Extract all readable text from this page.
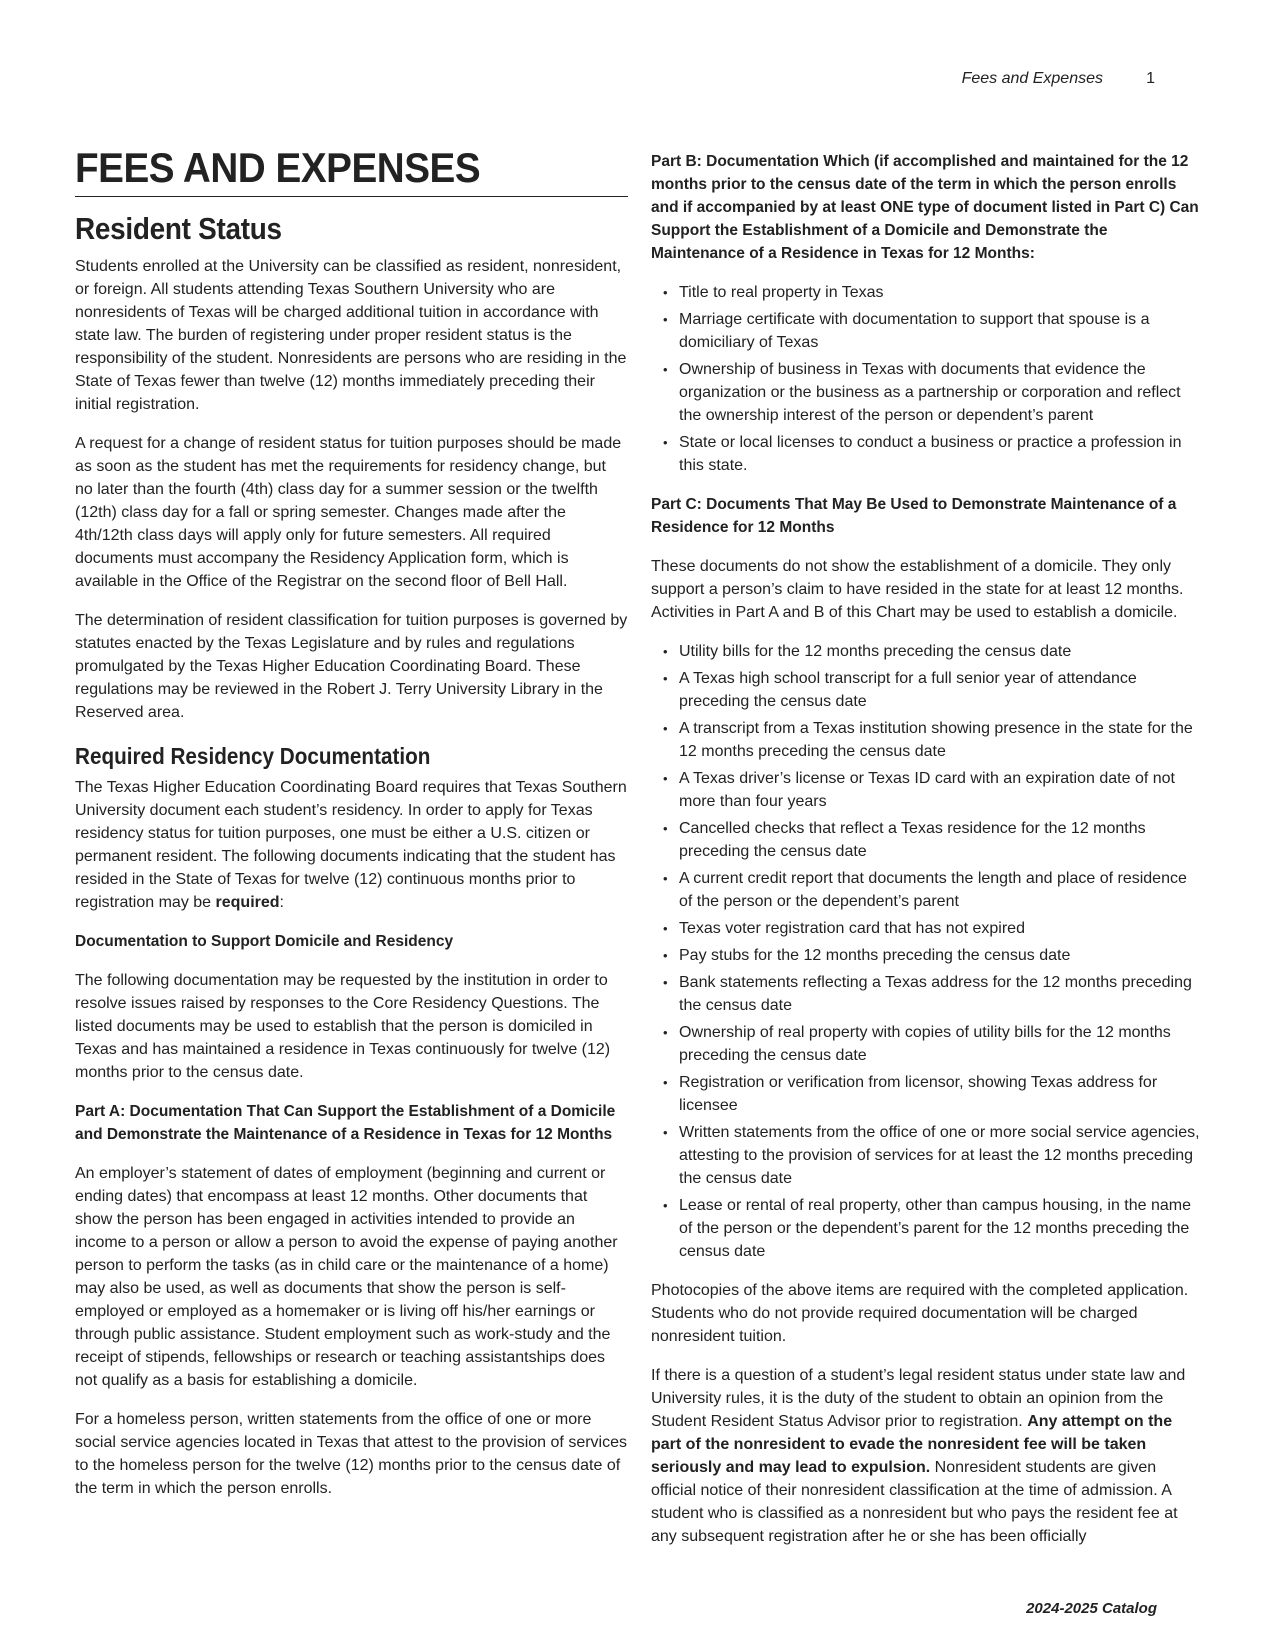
Fees and Expenses	1
FEES AND EXPENSES
Resident Status

Students enrolled at the University can be classified as resident, nonresident, or foreign. All students attending Texas Southern University who are nonresidents of Texas will be charged additional tuition in accordance with state law. The burden of registering under proper resident status is the responsibility of the student. Nonresidents are persons who are residing in the State of Texas fewer than twelve (12) months immediately preceding their initial registration.

A request for a change of resident status for tuition purposes should be made as soon as the student has met the requirements for residency change, but no later than the fourth (4th) class day for a summer session or the twelfth (12th) class day for a fall or spring semester. Changes made after the 4th/12th class days will apply only for future semesters. All required documents must accompany the Residency Application form, which is available in the Office of the Registrar on the second floor of Bell Hall.

The determination of resident classification for tuition purposes is governed by statutes enacted by the Texas Legislature and by rules and regulations promulgated by the Texas Higher Education Coordinating Board. These regulations may be reviewed in the Robert J. Terry University Library in the Reserved area.

Required Residency Documentation

The Texas Higher Education Coordinating Board requires that Texas Southern University document each student’s residency. In order to apply for Texas residency status for tuition purposes, one must be either a U.S. citizen or permanent resident. The following documents indicating that the student has resided in the State of Texas for twelve (12) continuous months prior to registration may be required:

Documentation to Support Domicile and Residency

The following documentation may be requested by the institution in order to resolve issues raised by responses to the Core Residency Questions. The listed documents may be used to establish that the person is domiciled in Texas and has maintained a residence in Texas continuously for twelve (12) months prior to the census date.

Part A: Documentation That Can Support the Establishment of a Domicile and Demonstrate the Maintenance of a Residence in Texas for 12 Months

An employer’s statement of dates of employment (beginning and current or ending dates) that encompass at least 12 months. Other documents that show the person has been engaged in activities intended to provide an income to a person or allow a person to avoid the expense of paying another person to perform the tasks (as in child care or the maintenance of a home) may also be used, as well as documents that show the person is self-employed or employed as a homemaker or is living off his/her earnings or through public assistance. Student employment such as work-study and the receipt of stipends, fellowships or research or teaching assistantships does not qualify as a basis for establishing a domicile.

For a homeless person, written statements from the office of one or more social service agencies located in Texas that attest to the provision of services to the homeless person for the twelve (12) months prior to the census date of the term in which the person enrolls.

Part B: Documentation Which (if accomplished and maintained for the 12 months prior to the census date of the term in which the person enrolls and if accompanied by at least ONE type of document listed in Part C) Can Support the Establishment of a Domicile and Demonstrate the Maintenance of a Residence in Texas for 12 Months:

• Title to real property in Texas
• Marriage certificate with documentation to support that spouse is a domiciliary of Texas
• Ownership of business in Texas with documents that evidence the organization or the business as a partnership or corporation and reflect the ownership interest of the person or dependent’s parent
• State or local licenses to conduct a business or practice a profession in this state.

Part C: Documents That May Be Used to Demonstrate Maintenance of a Residence for 12 Months

These documents do not show the establishment of a domicile. They only support a person’s claim to have resided in the state for at least 12 months. Activities in Part A and B of this Chart may be used to establish a domicile.

• Utility bills for the 12 months preceding the census date
• A Texas high school transcript for a full senior year of attendance preceding the census date
• A transcript from a Texas institution showing presence in the state for the 12 months preceding the census date
• A Texas driver’s license or Texas ID card with an expiration date of not more than four years
• Cancelled checks that reflect a Texas residence for the 12 months preceding the census date
• A current credit report that documents the length and place of residence of the person or the dependent’s parent
• Texas voter registration card that has not expired
• Pay stubs for the 12 months preceding the census date
• Bank statements reflecting a Texas address for the 12 months preceding the census date
• Ownership of real property with copies of utility bills for the 12 months preceding the census date
• Registration or verification from licensor, showing Texas address for licensee
• Written statements from the office of one or more social service agencies, attesting to the provision of services for at least the 12 months preceding the census date
• Lease or rental of real property, other than campus housing, in the name of the person or the dependent’s parent for the 12 months preceding the census date

Photocopies of the above items are required with the completed application. Students who do not provide required documentation will be charged nonresident tuition.

If there is a question of a student’s legal resident status under state law and University rules, it is the duty of the student to obtain an opinion from the Student Resident Status Advisor prior to registration. Any attempt on the part of the nonresident to evade the nonresident fee will be taken seriously and may lead to expulsion. Nonresident students are given official notice of their nonresident classification at the time of admission. A student who is classified as a nonresident but who pays the resident fee at any subsequent registration after he or she has been officially

2024-2025 Catalog
